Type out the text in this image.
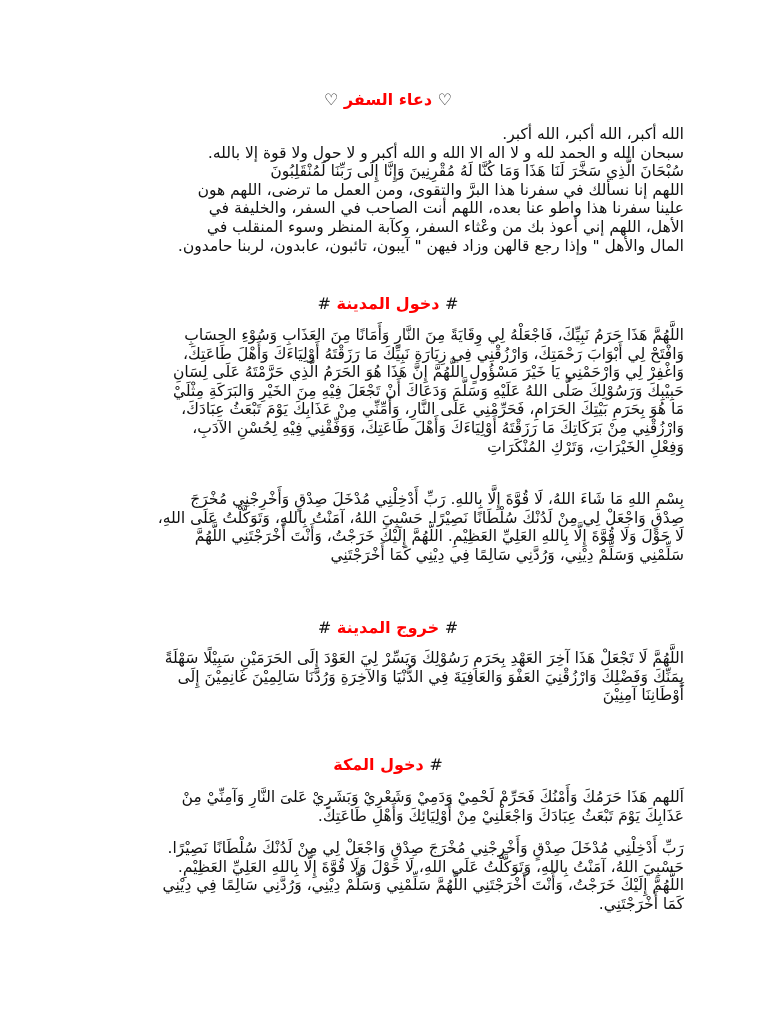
♡ دعاء السفر ♡

الله أكبر، الله أكبر، الله أكبر.
سبحان الله و الحمد لله و لا اله الا الله و الله أكبر و لا حول ولا قوة إلا بالله.
سُبْحَانَ الَّذِي سَخَّرَ لَنَا هَذَا وَمَا كُنَّا لَهُ مُقْرِنِينَ وَإِنَّا إِلَى رَبِّنَا لَمُنْقَلِبُونَ
اللهم إنا نسألك في سفرنا هذا البرَّ والتقوى، ومن العمل ما ترضى، اللهم هون
علينا سفرنا هذا واطو عنا بعده، اللهم أنت الصاحب في السفر، والخليفة في
الأهل، اللهم إني أعوذ بك من وعْثاء السفر، وكآبة المنظر وسوء المنقلب في
المال والأهل " وإذا رجع قالهن وزاد فيهن " آيبون، تائبون، عابدون، لربنا حامدون.

# دخول المدينة #

اللَّهُمَّ هَذَا حَرَمُ نَبِيِّكَ، فَاجْعَلْهُ لِي وِقَايَةً مِنَ النَّارِ وَأَمَانًا مِنَ العَذَابِ وَسُوْءِ الحِسَابِ
وَافْتَحْ لِي أَبْوَابَ رَحْمَتِكَ، وَارْزُقْنِي فِي زِيَارَةِ نَبِيِّكَ مَا رَزَقْتَهُ أَوْلِيَاءَكَ وَأَهْلَ طَاعَتِكَ،
وَاغْفِرْ لِي وَارْحَمْنِي يَا خَيْرَ مَسْؤُولٍ اللَّهُمَّ إِنَّ هَذَا هُوَ الحَرَمُ الَّذِي حَرَّمْتَهُ عَلَى لِسَانِ
حَبِيْبِكَ وَرَسُوْلِكَ صَلَّى اللهُ عَلَيْهِ وَسَلَّمَ وَدَعَاكَ أَنْ تَجْعَلَ فِيْهِ مِنَ الخَيْرِ وَالبَرَكَةِ مِثْلَيْ
مَا هُوَ بِحَرَمِ بَيْتِكَ الحَرَامِ، فَحَرِّمْنِي عَلَى النَّارِ، وَأَمِّنِّي مِنْ عَذَابِكَ يَوْمَ تَبْعَثُ عِبَادَكَ،
وَارْزُقْنِي مِنْ بَرَكَاتِكَ مَا رَزَقْتَهُ أَوْلِيَاءَكَ وَأَهْلَ طَاعَتِكَ، وَوَفِّقْنِي فِيْهِ لِحُسْنِ الآدَبِ،
وَفِعْلِ الخَيْرَاتِ، وَتَرْكِ المُنْكَرَاتِ
بِسْمِ اللهِ مَا شَاءَ اللهُ، لَا قُوَّةَ إِلَّا بِاللهِ. رَبِّ أَدْخِلْنِي مُدْخَلَ صِدْقٍ وَأَخْرِجْنِي مُخْرَجَ
صِدْقٍ وَاجْعَلْ لِي مِنْ لَدُنْكَ سُلْطَانًا نَصِيْرًا. حَسْبِيَ اللهُ، آمَنْتُ بِاللهِ، وَتَوَكَّلْتُ عَلَى اللهِ،
لَا حَوْلَ وَلَا قُوَّةَ إِلَّا بِاللهِ العَلِيِّ العَظِيْمِ. اللَّهُمَّ إِلَيْكَ خَرَجْتُ، وَأَنْتَ أَخْرَجْتَنِي اللَّهُمَّ
سَلِّمْنِي وَسَلِّمْ دِيْنِي، وَرُدَّنِي سَالِمًا فِي دِيْنِي كَمَا أَخْرَجْتَنِي

# خروج المدينة #

اللَّهُمَّ لَا تَجْعَلْ هَذَا آخِرَ العَهْدِ بِحَرَمِ رَسُوْلِكَ وَيَسِّرْ لِيَ العَوْدَ إِلَى الحَرَمَيْنِ سَبِيْلًا سَهْلَةً
بِمَنِّكَ وَفَضْلِكَ وَارْزُقْنِيَ العَفْوَ وَالعَافِيَةَ فِي الدُّنْيَا وَالآخِرَةِ وَرُدَّنَا سَالِمِيْنَ غَانِمِيْنَ إِلَى
أَوْطَانِنَا آمِنِيْنَ

# دخول المكة

اَللهم هَذَا حَرَمُكَ وَأَمْنُكَ فَحَرِّمْ لَحْمِيْ وَدَمِيْ وَشَعْرِيْ وَبَشَرِيْ عَلىَ النَّارِ وَآمِنِّيْ مِنْ
عَذَابِكَ يَوْمَ تَبْعَثُ عِبَادَكَ وَاجْعَلْنِيْ مِنْ أَوْلِيَائِكَ وَأَهْلِ طَاعَتِكَ.
رَبِّ أَدْخِلْنِي مُدْخَلَ صِدْقٍ وَأَخْرِجْنِي مُخْرَجَ صِدْقٍ وَاجْعَلْ لِي مِنْ لَدُنْكَ سُلْطَانًا نَصِيْرًا.
حَسْبِيَ اللهُ، آمَنْتُ بِاللهِ، وَتَوَكَّلْتُ عَلَى اللهِ، لَا حَوْلَ وَلَا قُوَّةَ إِلَّا بِاللهِ العَلِيِّ العَظِيْمِ.
اللَّهُمَّ إِلَيْكَ خَرَجْتُ، وَأَنْتَ أَخْرَجْتَنِي اللَّهُمَّ سَلِّمْنِي وَسَلِّمْ دِيْنِي، وَرُدَّنِي سَالِمًا فِي دِيْنِي
كَمَا أَخْرَجْتَنِي.
